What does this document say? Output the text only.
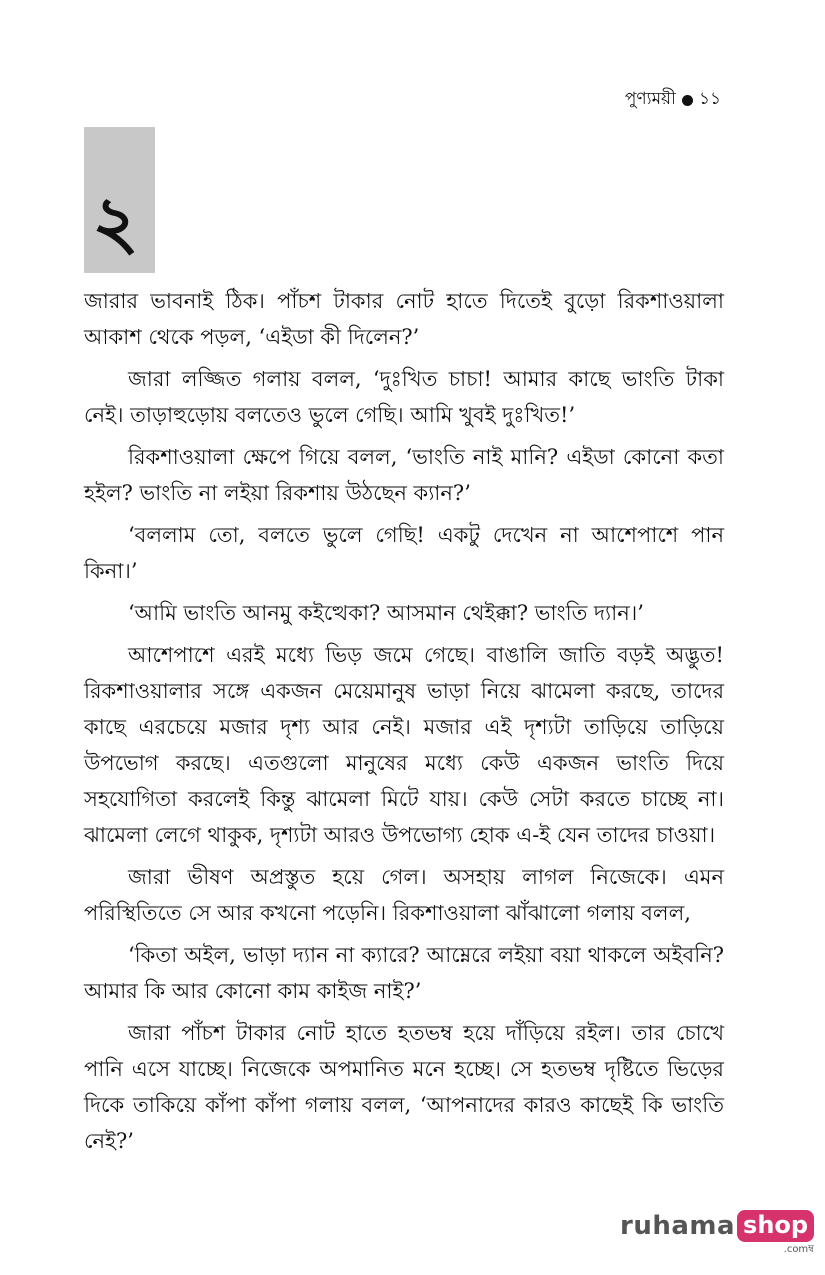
পুণ্যময়ী ১১
২

জারার ভাবনাই ঠিক। পাঁচশ টাকার নোট হাতে দিতেই বুড়ো রিকশাওয়ালা আকাশ থেকে পড়ল, ‘এইডা কী দিলেন?’

জারা লজ্জিত গলায় বলল, ‘দুঃখিত চাচা! আমার কাছে ভাংতি টাকা নেই। তাড়াহুড়োয় বলতেও ভুলে গেছি। আমি খুবই দুঃখিত!’

রিকশাওয়ালা ক্ষেপে গিয়ে বলল, ‘ভাংতি নাই মানি? এইডা কোনো কতা হইল? ভাংতি না লইয়া রিকশায় উঠছেন ক্যান?’

‘বললাম তো, বলতে ভুলে গেছি! একটু দেখেন না আশেপাশে পান কিনা।’

‘আমি ভাংতি আনমু কইত্থেকা? আসমান থেইক্কা? ভাংতি দ্যান।’

আশেপাশে এরই মধ্যে ভিড় জমে গেছে। বাঙালি জাতি বড়ই অদ্ভুত! রিকশাওয়ালার সঙ্গে একজন মেয়েমানুষ ভাড়া নিয়ে ঝামেলা করছে, তাদের কাছে এরচেয়ে মজার দৃশ্য আর নেই। মজার এই দৃশ্যটা তাড়িয়ে তাড়িয়ে উপভোগ করছে। এতগুলো মানুষের মধ্যে কেউ একজন ভাংতি দিয়ে সহযোগিতা করলেই কিন্তু ঝামেলা মিটে যায়। কেউ সেটা করতে চাচ্ছে না। ঝামেলা লেগে থাকুক, দৃশ্যটা আরও উপভোগ্য হোক এ-ই যেন তাদের চাওয়া।

জারা ভীষণ অপ্রস্তুত হয়ে গেল। অসহায় লাগল নিজেকে। এমন পরিস্থিতিতে সে আর কখনো পড়েনি। রিকশাওয়ালা ঝাঁঝালো গলায় বলল,

‘কিতা অইল, ভাড়া দ্যান না ক্যারে? আম্নেরে লইয়া বয়া থাকলে অইবনি? আমার কি আর কোনো কাম কাইজ নাই?’

জারা পাঁচশ টাকার নোট হাতে হতভম্ব হয়ে দাঁড়িয়ে রইল। তার চোখে পানি এসে যাচ্ছে। নিজেকে অপমানিত মনে হচ্ছে। সে হতভম্ব দৃষ্টিতে ভিড়ের দিকে তাকিয়ে কাঁপা কাঁপা গলায় বলল, ‘আপনাদের কারও কাছেই কি ভাংতি নেই?’

ruhama shop
.comম্ব
